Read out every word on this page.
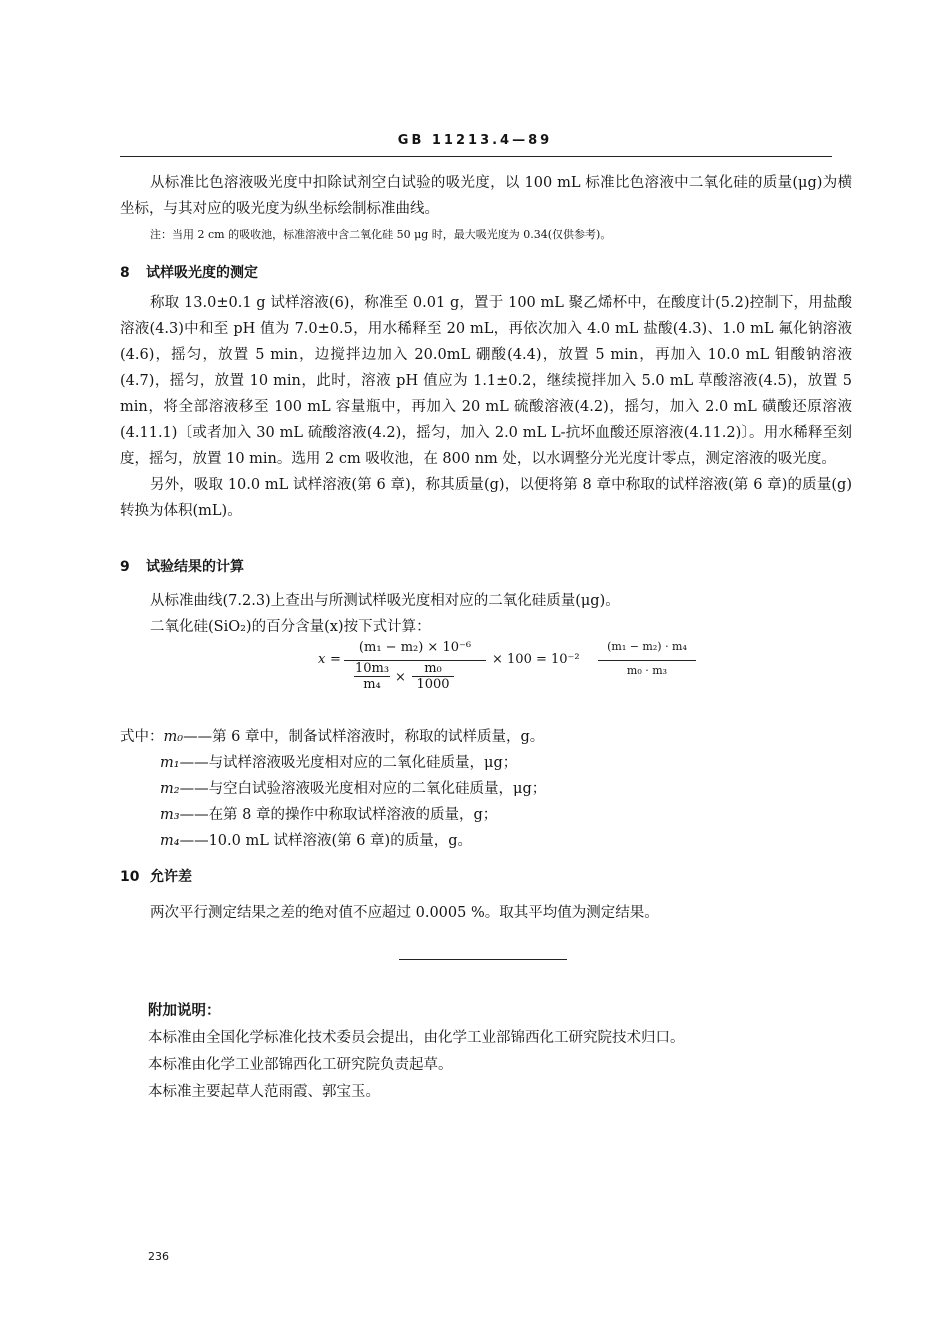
GB 11213.4—89

从标准比色溶液吸光度中扣除试剂空白试验的吸光度，以 100 mL 标准比色溶液中二氧化硅的质量(μg)为横坐标，与其对应的吸光度为纵坐标绘制标准曲线。

注：当用 2 cm 的吸收池，标准溶液中含二氧化硅 50 μg 时，最大吸光度为 0.34(仅供参考)。

8 试样吸光度的测定

称取 13.0±0.1 g 试样溶液(6)，称准至 0.01 g，置于 100 mL 聚乙烯杯中，在酸度计(5.2)控制下，用盐酸溶液(4.3)中和至 pH 值为 7.0±0.5，用水稀释至 20 mL，再依次加入 4.0 mL 盐酸(4.3)、1.0 mL 氟化钠溶液(4.6)，摇匀，放置 5 min，边搅拌边加入 20.0mL 硼酸(4.4)，放置 5 min，再加入 10.0 mL 钼酸钠溶液(4.7)，摇匀，放置 10 min，此时，溶液 pH 值应为 1.1±0.2，继续搅拌加入 5.0 mL 草酸溶液(4.5)，放置 5 min，将全部溶液移至 100 mL 容量瓶中，再加入 20 mL 硫酸溶液(4.2)，摇匀，加入 2.0 mL 磺酸还原溶液(4.11.1)〔或者加入 30 mL 硫酸溶液(4.2)，摇匀，加入 2.0 mL L-抗坏血酸还原溶液(4.11.2)〕。用水稀释至刻度，摇匀，放置 10 min。选用 2 cm 吸收池，在 800 nm 处，以水调整分光光度计零点，测定溶液的吸光度。

另外，吸取 10.0 mL 试样溶液(第 6 章)，称其质量(g)，以便将第 8 章中称取的试样溶液(第 6 章)的质量(g)转换为体积(mL)。

9 试验结果的计算

从标准曲线(7.2.3)上查出与所测试样吸光度相对应的二氧化硅质量(μg)。

二氧化硅(SiO₂)的百分含量(x)按下式计算：

x =
(m₁ − m₂) × 10⁻⁶
10m₃
m₄	×
m₀
1000
× 100 = 10⁻²
(m₁ − m₂) · m₄
m₀ · m₃
式中：m₀——第 6 章中，制备试样溶液时，称取的试样质量，g。
m₁——与试样溶液吸光度相对应的二氧化硅质量，μg；
m₂——与空白试验溶液吸光度相对应的二氧化硅质量，μg；
m₃——在第 8 章的操作中称取试样溶液的质量，g；
m₄——10.0 mL 试样溶液(第 6 章)的质量，g。
10 允许差

两次平行测定结果之差的绝对值不应超过 0.0005 %。取其平均值为测定结果。

附加说明：
本标准由全国化学标准化技术委员会提出，由化学工业部锦西化工研究院技术归口。
本标准由化学工业部锦西化工研究院负责起草。
本标准主要起草人范雨霞、郭宝玉。
236
